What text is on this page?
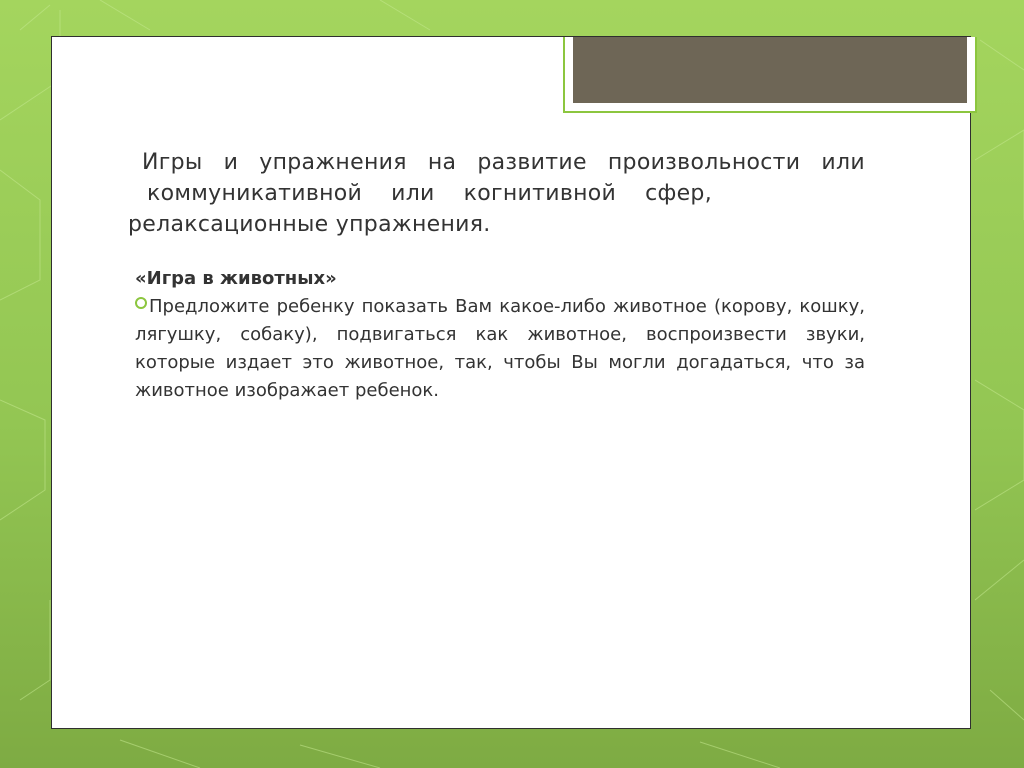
Игры и упражнения на развитие произвольности или
коммуникативной или когнитивной сфер,
релаксационные упражнения.

«Игра в животных»

Предложите ребенку показать Вам какое-либо животное (корову, кошку, лягушку, собаку), подвигаться как животное, воспроизвести звуки, которые издает это животное, так, чтобы Вы могли догадаться, что за животное изображает ребенок.
